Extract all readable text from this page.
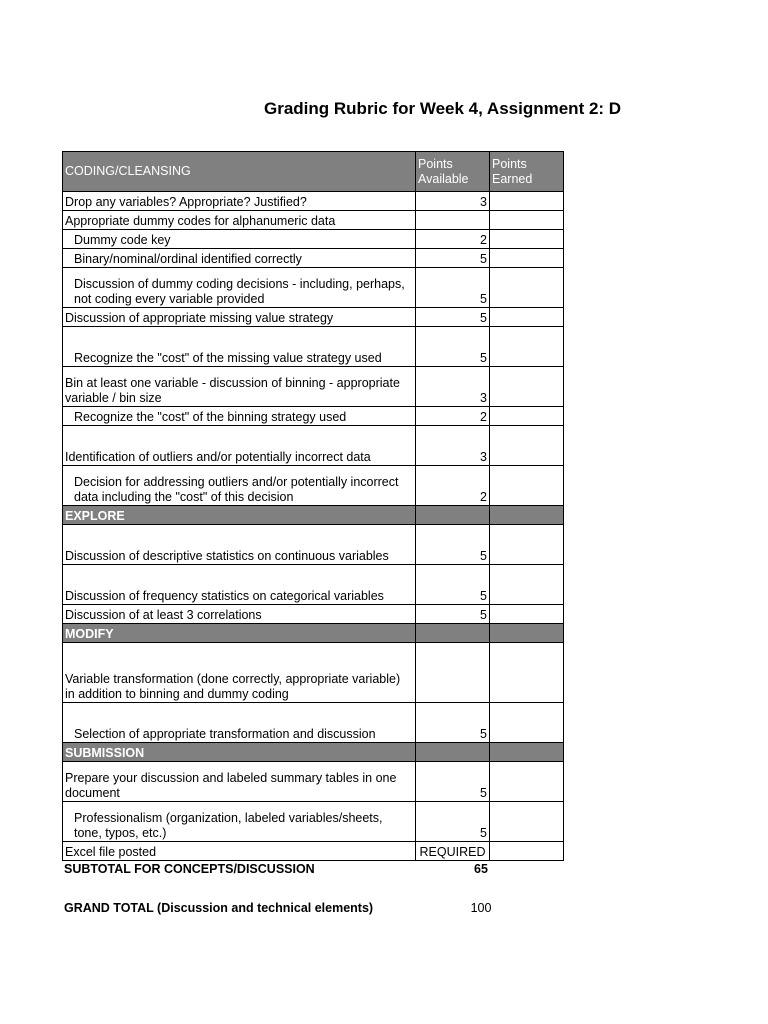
Grading Rubric for Week 4, Assignment 2: D
CODING/CLEANSING	Points Available	Points Earned
Drop any variables? Appropriate? Justified?	3	
Appropriate dummy codes for alphanumeric data		
Dummy code key	2	
Binary/nominal/ordinal identified correctly	5	
Discussion of dummy coding decisions - including, perhaps, not coding every variable provided	5	
Discussion of appropriate missing value strategy	5	
Recognize the "cost" of the missing value strategy used	5	
Bin at least one variable - discussion of binning - appropriate variable / bin size	3	
Recognize the "cost" of the binning strategy used	2	
Identification of outliers and/or potentially incorrect data	3	
Decision for addressing outliers and/or potentially incorrect data including the "cost" of this decision	2	
EXPLORE		
Discussion of descriptive statistics on continuous variables	5	
Discussion of frequency statistics on categorical variables	5	
Discussion of at least 3 correlations	5	
MODIFY		
Variable transformation (done correctly, appropriate variable) in addition to binning and dummy coding		
Selection of appropriate transformation and discussion	5	
SUBMISSION		
Prepare your discussion and labeled summary tables in one document	5	
Professionalism (organization, labeled variables/sheets, tone, typos, etc.)	5	
Excel file posted	REQUIRED	
SUBTOTAL FOR CONCEPTS/DISCUSSION	65
GRAND TOTAL (Discussion and technical elements)	100
